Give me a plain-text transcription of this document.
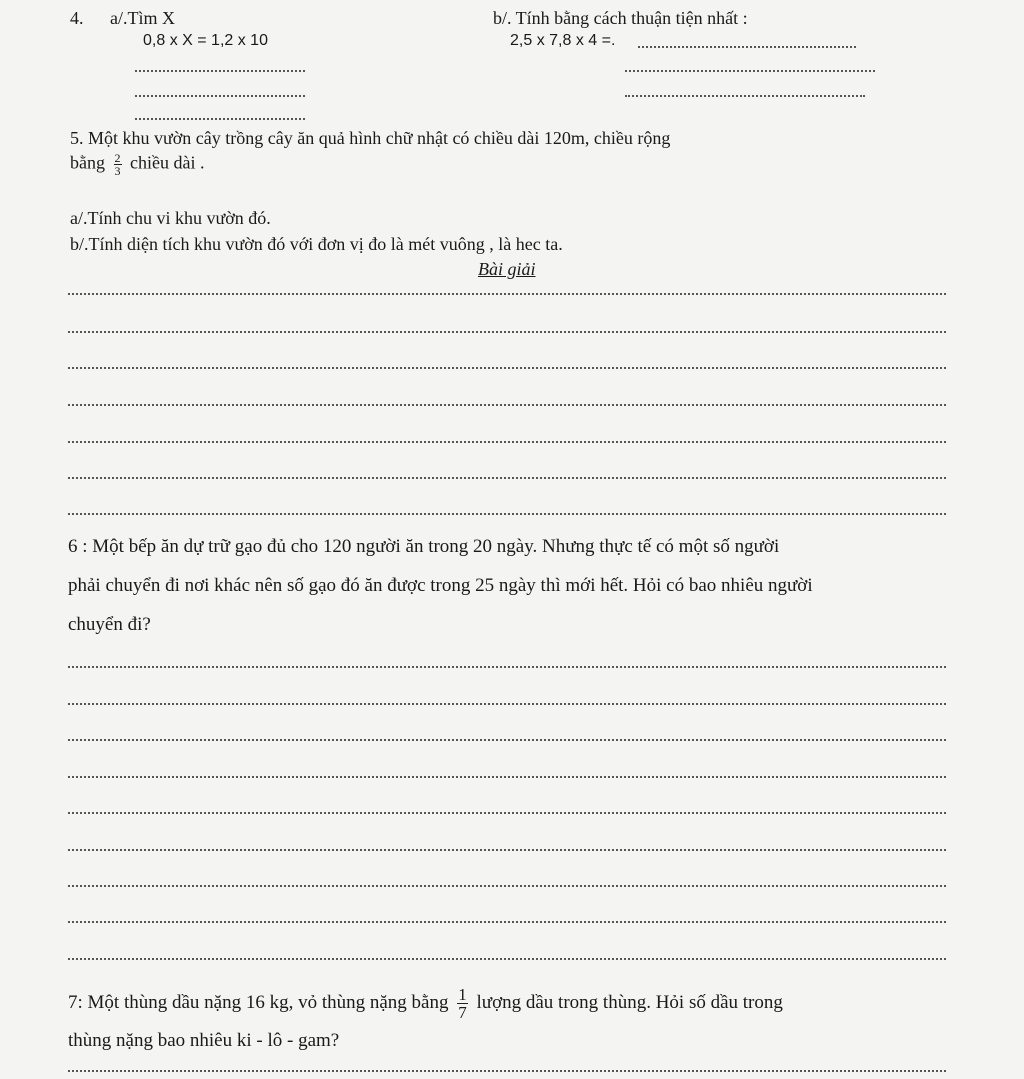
4. a/.Tìm X	b/. Tính bằng cách thuận tiện nhất :
0,8 x X = 1,2 x 10	2,5 x 7,8 x 4 =.
5. Một khu vườn cây trồng cây ăn quả hình chữ nhật có chiều dài 120m, chiều rộng
bằng $\frac{2}{3}$ chiều dài .
a/.Tính chu vi khu vườn đó.
b/.Tính diện tích khu vườn đó với đơn vị đo là mét vuông , là hec ta.
Bài giải
6 : Một bếp ăn dự trữ gạo đủ cho 120 người ăn trong 20 ngày. Nhưng thực tế có một số người
phải chuyển đi nơi khác nên số gạo đó ăn được trong 25 ngày thì mới hết. Hỏi có bao nhiêu người
chuyển đi?
7: Một thùng dầu nặng 16 kg, vỏ thùng nặng bằng $\frac{1}{7}$ lượng dầu trong thùng. Hỏi số dầu trong
thùng nặng bao nhiêu ki - lô - gam?
